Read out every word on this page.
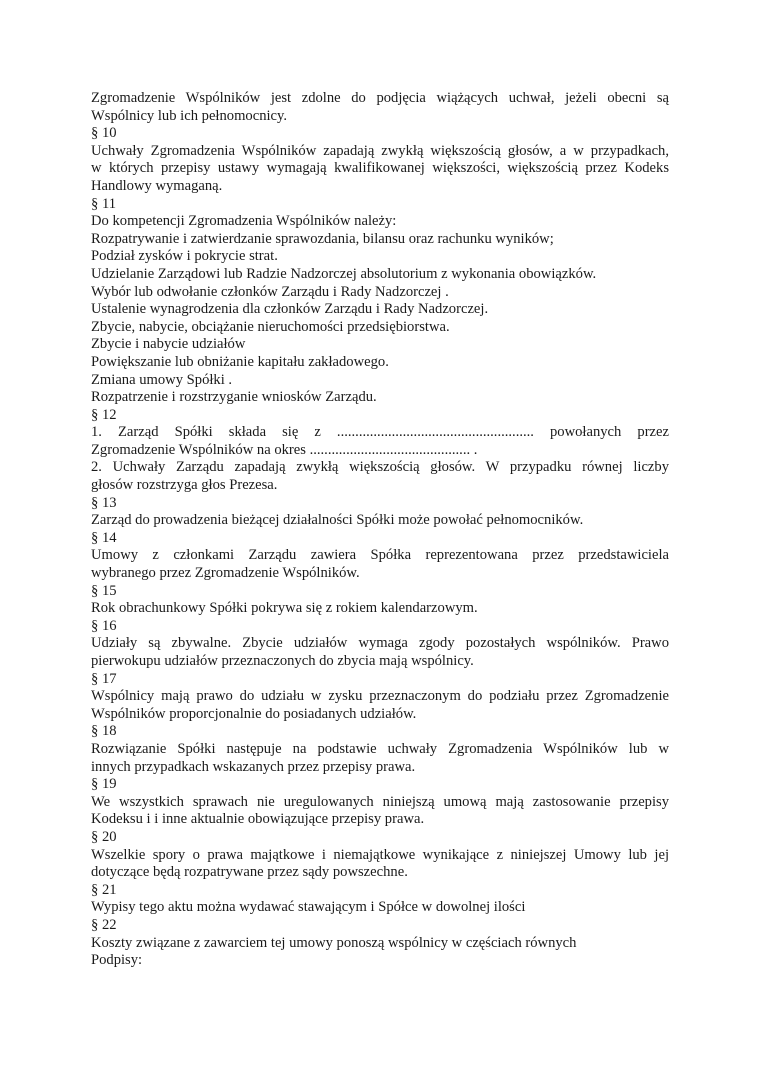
Zgromadzenie Wspólników jest zdolne do podjęcia wiążących uchwał, jeżeli obecni są
Wspólnicy lub ich pełnomocnicy.
§ 10
Uchwały Zgromadzenia Wspólników zapadają zwykłą większością głosów, a w przypadkach,
w których przepisy ustawy wymagają kwalifikowanej większości, większością przez Kodeks
Handlowy wymaganą.
§ 11
Do kompetencji Zgromadzenia Wspólników należy:
Rozpatrywanie i zatwierdzanie sprawozdania, bilansu oraz rachunku wyników;
Podział zysków i pokrycie strat.
Udzielanie Zarządowi lub Radzie Nadzorczej absolutorium z wykonania obowiązków.
Wybór lub odwołanie członków Zarządu i Rady Nadzorczej .
Ustalenie wynagrodzenia dla członków Zarządu i Rady Nadzorczej.
Zbycie, nabycie, obciążanie nieruchomości przedsiębiorstwa.
Zbycie i nabycie udziałów
Powiększanie lub obniżanie kapitału zakładowego.
Zmiana umowy Spółki .
Rozpatrzenie i rozstrzyganie wniosków Zarządu.
§ 12
1. Zarząd Spółki składa się z ...................................................... powołanych przez
Zgromadzenie Wspólników na okres ............................................ .
2. Uchwały Zarządu zapadają zwykłą większością głosów. W przypadku równej liczby
głosów rozstrzyga głos Prezesa.
§ 13
Zarząd do prowadzenia bieżącej działalności Spółki może powołać pełnomocników.
§ 14
Umowy z członkami Zarządu zawiera Spółka reprezentowana przez przedstawiciela
wybranego przez Zgromadzenie Wspólników.
§ 15
Rok obrachunkowy Spółki pokrywa się z rokiem kalendarzowym.
§ 16
Udziały są zbywalne. Zbycie udziałów wymaga zgody pozostałych wspólników. Prawo
pierwokupu udziałów przeznaczonych do zbycia mają wspólnicy.
§ 17
Wspólnicy mają prawo do udziału w zysku przeznaczonym do podziału przez Zgromadzenie
Wspólników proporcjonalnie do posiadanych udziałów.
§ 18
Rozwiązanie Spółki następuje na podstawie uchwały Zgromadzenia Wspólników lub w
innych przypadkach wskazanych przez przepisy prawa.
§ 19
We wszystkich sprawach nie uregulowanych niniejszą umową mają zastosowanie przepisy
Kodeksu i i inne aktualnie obowiązujące przepisy prawa.
§ 20
Wszelkie spory o prawa majątkowe i niemajątkowe wynikające z niniejszej Umowy lub jej
dotyczące będą rozpatrywane przez sądy powszechne.
§ 21
Wypisy tego aktu można wydawać stawającym i Spółce w dowolnej ilości
§ 22
Koszty związane z zawarciem tej umowy ponoszą wspólnicy w częściach równych
Podpisy:
